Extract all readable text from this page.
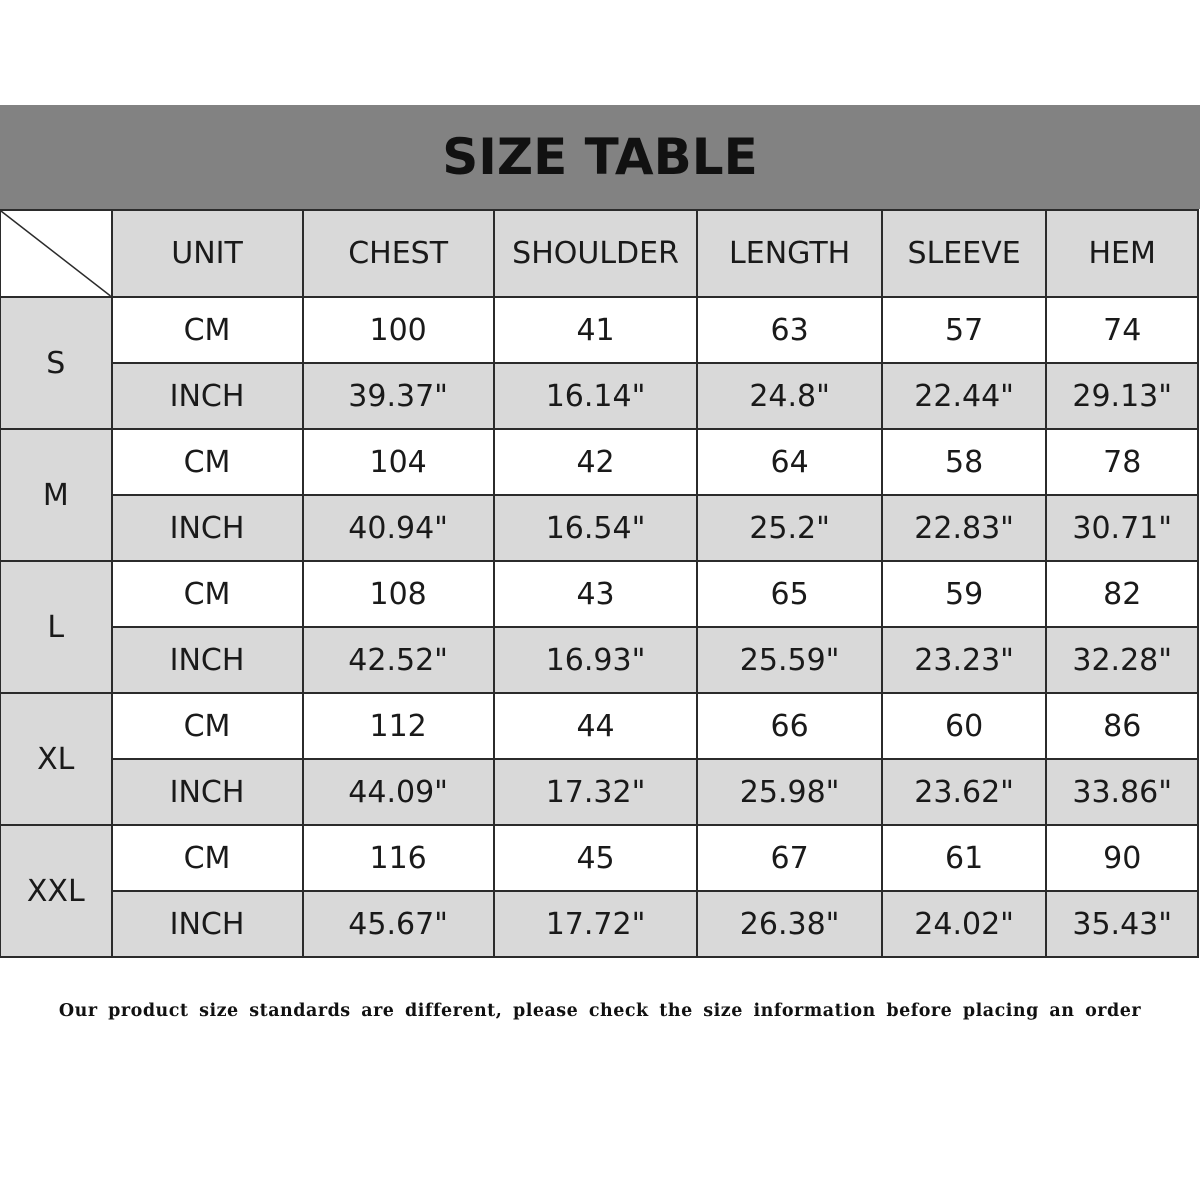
SIZE TABLE
	UNIT	CHEST	SHOULDER	LENGTH	SLEEVE	HEM
S	CM	100	41	63	57	74
	INCH	39.37"	16.14"	24.8"	22.44"	29.13"
M	CM	104	42	64	58	78
	INCH	40.94"	16.54"	25.2"	22.83"	30.71"
L	CM	108	43	65	59	82
	INCH	42.52"	16.93"	25.59"	23.23"	32.28"
XL	CM	112	44	66	60	86
	INCH	44.09"	17.32"	25.98"	23.62"	33.86"
XXL	CM	116	45	67	61	90
	INCH	45.67"	17.72"	26.38"	24.02"	35.43"
Our product size standards are different, please check the size information before placing an order
